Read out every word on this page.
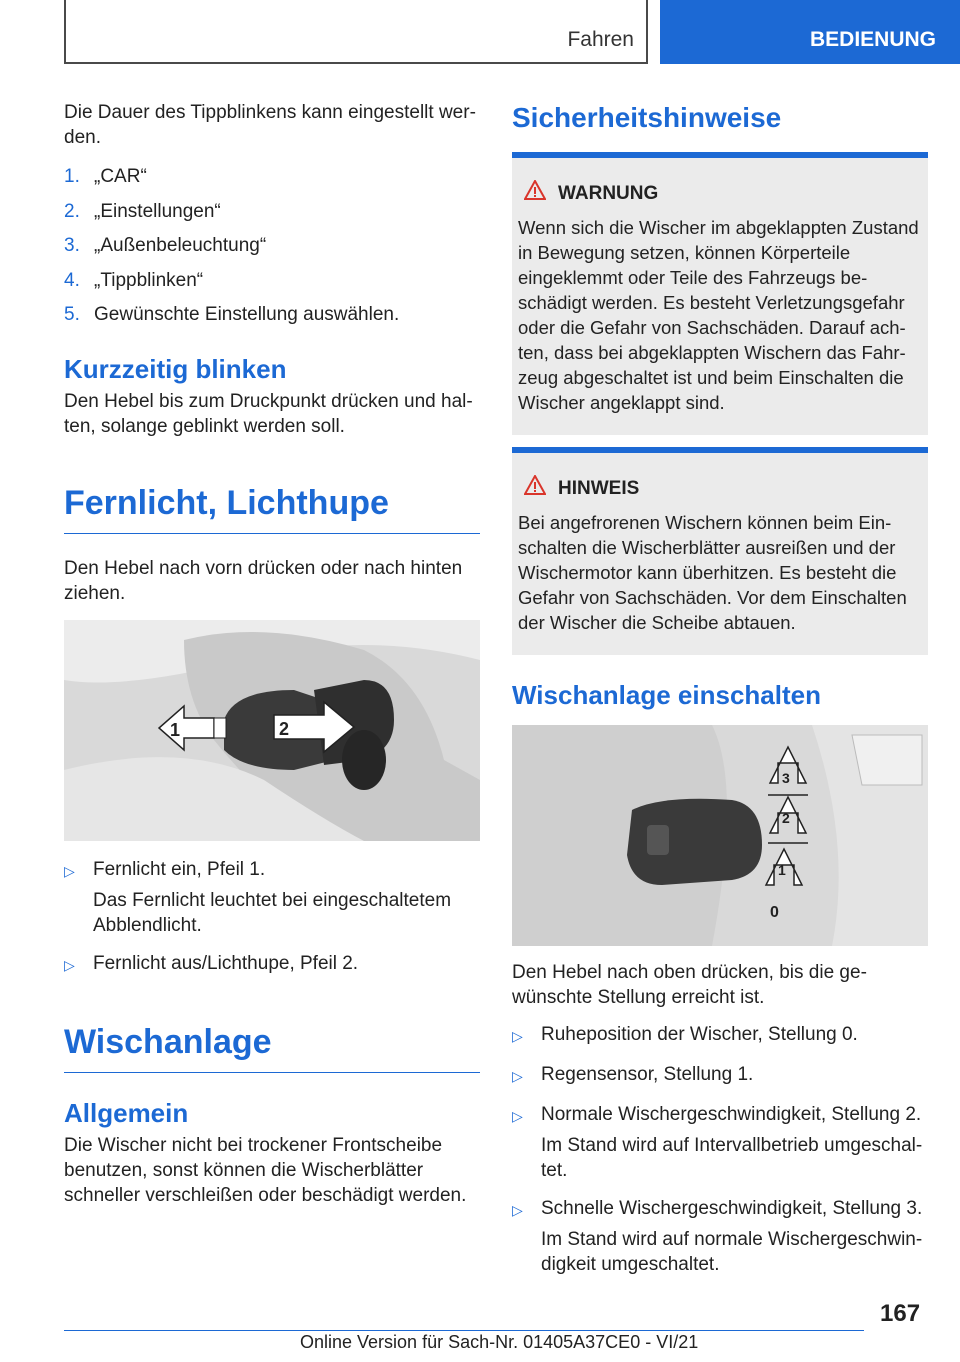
Fahren	BEDIENUNG

Die Dauer des Tippblinkens kann eingestellt werden.

1. „CAR“
2. „Einstellungen“
3. „Außenbeleuchtung“
4. „Tippblinken“
5. Gewünschte Einstellung auswählen.
Kurzzeitig blinken

Den Hebel bis zum Druckpunkt drücken und halten, solange geblinkt werden soll.

Fernlicht, Lichthupe

Den Hebel nach vorn drücken oder nach hinten ziehen.

2
1
▷ Fernlicht ein, Pfeil 1.
Das Fernlicht leuchtet bei eingeschaltetem Abblendlicht.
▷ Fernlicht aus/Lichthupe, Pfeil 2.
Wischanlage
Allgemein

Die Wischer nicht bei trockener Frontscheibe benutzen, sonst können die Wischerblätter schneller verschleißen oder beschädigt werden.

Sicherheitshinweise
WARNUNG

Wenn sich die Wischer im abgeklappten Zustand in Bewegung setzen, können Körperteile eingeklemmt oder Teile des Fahrzeugs beschädigt werden. Es besteht Verletzungsgefahr oder die Gefahr von Sachschäden. Darauf achten, dass bei abgeklappten Wischern das Fahrzeug abgeschaltet ist und beim Einschalten die Wischer angeklappt sind.

HINWEIS

Bei angefrorenen Wischern können beim Einschalten die Wischerblätter ausreißen und der Wischermotor kann überhitzen. Es besteht die Gefahr von Sachschäden. Vor dem Einschalten der Wischer die Scheibe abtauen.

Wischanlage einschalten
3
2
1
0

Den Hebel nach oben drücken, bis die gewünschte Stellung erreicht ist.

▷ Ruheposition der Wischer, Stellung 0.
▷ Regensensor, Stellung 1.
▷ Normale Wischergeschwindigkeit, Stellung 2.
Im Stand wird auf Intervallbetrieb umgeschaltet.
▷ Schnelle Wischergeschwindigkeit, Stellung 3.
Im Stand wird auf normale Wischergeschwindigkeit umgeschaltet.
167
Online Version für Sach-Nr. 01405A37CE0 - VI/21
